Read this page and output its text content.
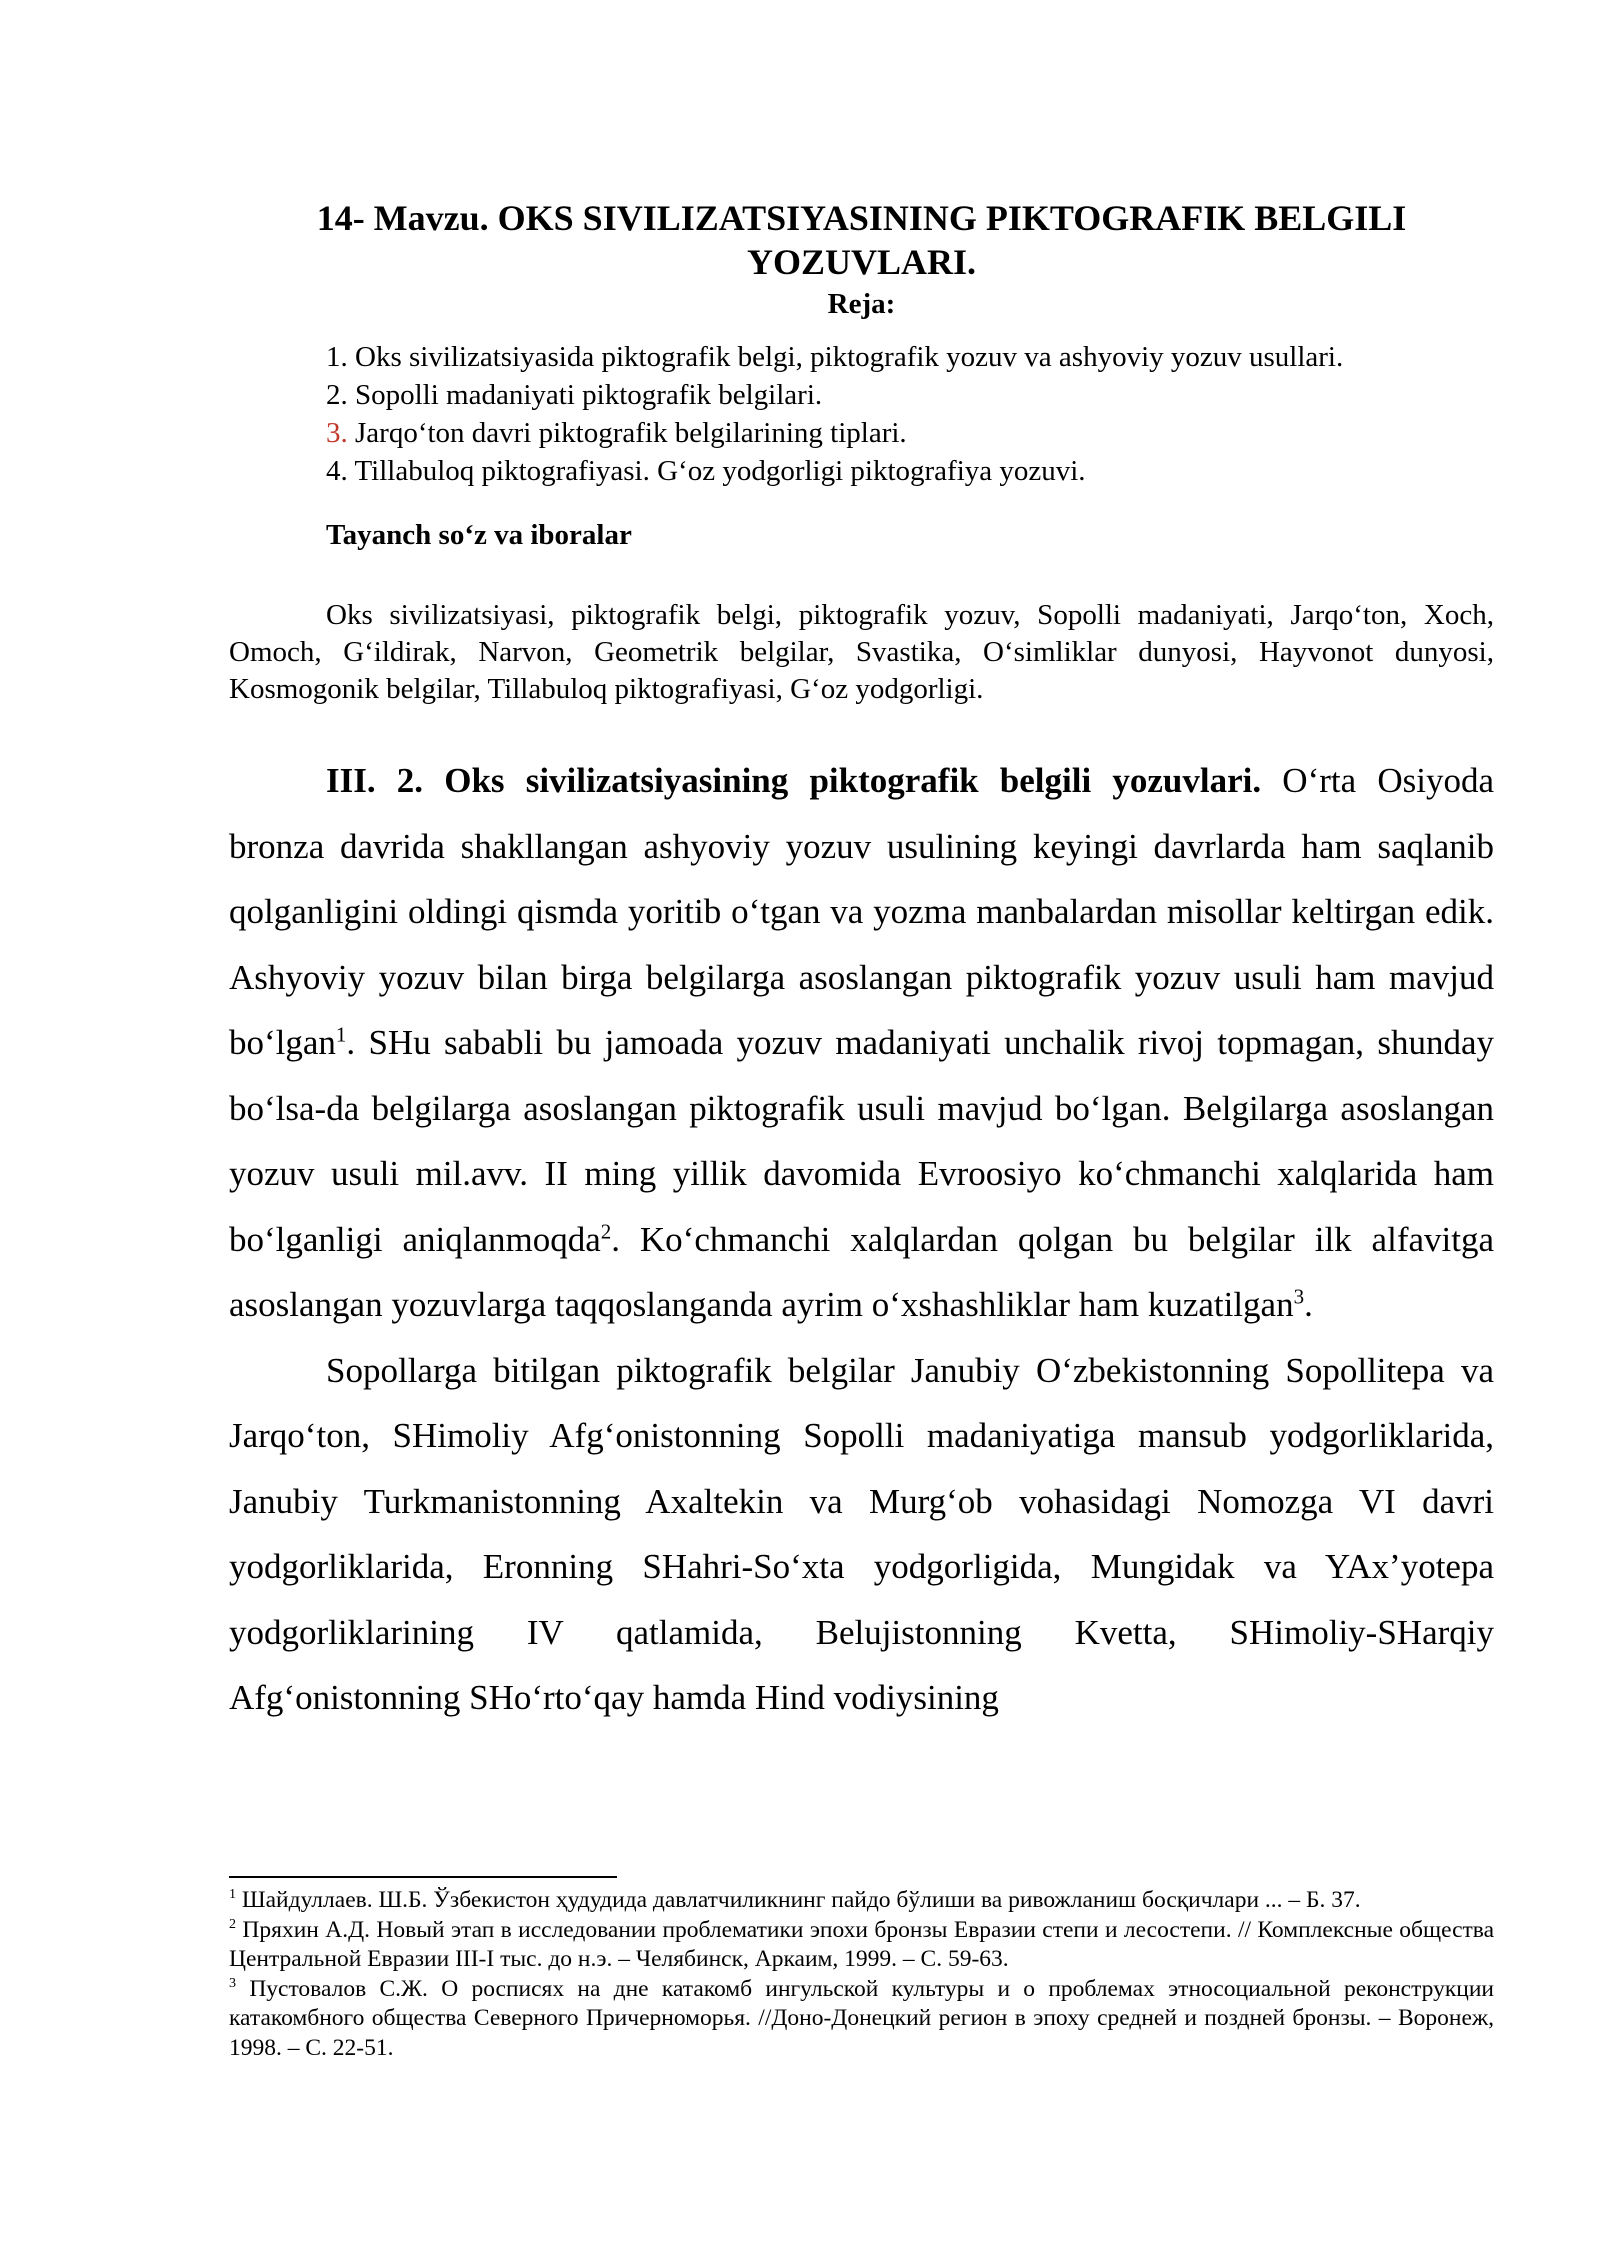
14- Mavzu. OKS SIVILIZATSIYASINING PIKTOGRAFIK BELGILI YOZUVLARI.
Reja:
1. Oks sivilizatsiyasida piktografik belgi, piktografik yozuv va ashyoviy yozuv usullari.
2. Sopolli madaniyati piktografik belgilari.
3. Jarqo‘ton davri piktografik belgilarining tiplari.
4. Tillabuloq piktografiyasi. G‘oz yodgorligi piktografiya yozuvi.
Tayanch so‘z va iboralar
Oks sivilizatsiyasi, piktografik belgi, piktografik yozuv, Sopolli madaniyati, Jarqo‘ton, Xoch, Omoch, G‘ildirak, Narvon, Geometrik belgilar, Svastika, O‘simliklar dunyosi, Hayvonot dunyosi, Kosmogonik belgilar, Tillabuloq piktografiyasi, G‘oz yodgorligi.

III. 2. Oks sivilizatsiyasining piktografik belgili yozuvlari. O‘rta Osiyoda bronza davrida shakllangan ashyoviy yozuv usulining keyingi davrlarda ham saqlanib qolganligini oldingi qismda yoritib o‘tgan va yozma manbalardan misollar keltirgan edik. Ashyoviy yozuv bilan birga belgilarga asoslangan piktografik yozuv usuli ham mavjud bo‘lgan$^1$. SHu sababli bu jamoada yozuv madaniyati unchalik rivoj topmagan, shunday bo‘lsa-da belgilarga asoslangan piktografik usuli mavjud bo‘lgan. Belgilarga asoslangan yozuv usuli mil.avv. II ming yillik davomida Evroosiyo ko‘chmanchi xalqlarida ham bo‘lganligi aniqlanmoqda$^2$. Ko‘chmanchi xalqlardan qolgan bu belgilar ilk alfavitga asoslangan yozuvlarga taqqoslanganda ayrim o‘xshashliklar ham kuzatilgan$^3$.

Sopollarga bitilgan piktografik belgilar Janubiy O‘zbekistonning Sopollitepa va Jarqo‘ton, SHimoliy Afg‘onistonning Sopolli madaniyatiga mansub yodgorliklarida, Janubiy Turkmanistonning Axaltekin va Murg‘ob vohasidagi Nomozga VI davri yodgorliklarida, Eronning SHahri-So‘xta yodgorligida, Mungidak va YAx’yotepa yodgorliklarining IV qatlamida, Belujistonning Kvetta, SHimoliy-SHarqiy Afg‘onistonning SHo‘rto‘qay hamda Hind vodiysining

$^1$ Шайдуллаев. Ш.Б. Ўзбекистон ҳудудида давлатчиликнинг пайдо бўлиши ва ривожланиш босқичлари ... – Б. 37.

$^2$ Пряхин А.Д. Новый этап в исследовании проблематики эпохи бронзы Евразии степи и лесостепи. // Комплексные общества Центральной Евразии III-I тыс. до н.э. – Челябинск, Аркаим, 1999. – С. 59-63.

$^3$ Пустовалов С.Ж. О росписях на дне катакомб ингульской культуры и о проблемах этносоциальной реконструкции катакомбного общества Северного Причерноморья. //Доно-Донецкий регион в эпоху средней и поздней бронзы. – Воронеж, 1998. – С. 22-51.
